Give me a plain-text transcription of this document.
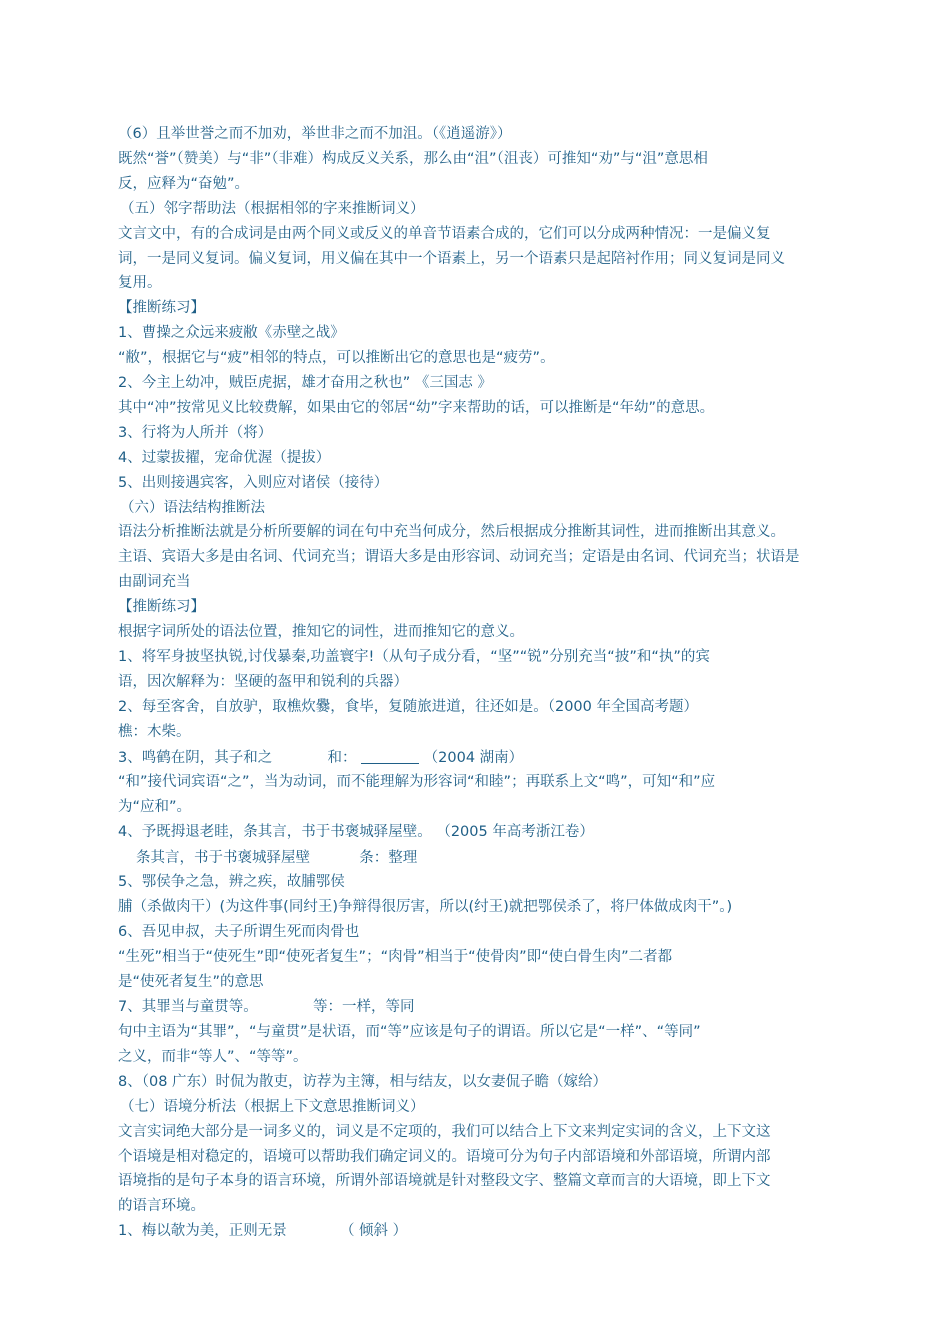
（6）且举世誉之而不加劝，举世非之而不加沮。（《逍遥游》）
既然“誉”（赞美）与“非”（非难）构成反义关系，那么由“沮”（沮丧）可推知“劝”与“沮”意思相
反，应释为“奋勉”。
（五）邻字帮助法（根据相邻的字来推断词义）
文言文中，有的合成词是由两个同义或反义的单音节语素合成的，它们可以分成两种情况：一是偏义复
词，一是同义复词。偏义复词，用义偏在其中一个语素上，另一个语素只是起陪衬作用；同义复词是同义
复用。
【推断练习】
1、曹操之众远来疲敝《赤壁之战》
“敝”，根据它与“疲”相邻的特点，可以推断出它的意思也是“疲劳”。
2、今主上幼冲，贼臣虎据，雄才奋用之秋也” 《三国志 》
其中“冲”按常见义比较费解，如果由它的邻居“幼”字来帮助的话，可以推断是“年幼”的意思。
3、行将为人所并（将）
4、过蒙拔擢，宠命优渥（提拔）
5、出则接遇宾客，入则应对诸侯（接待）
（六）语法结构推断法
语法分析推断法就是分析所要解的词在句中充当何成分，然后根据成分推断其词性，进而推断出其意义。
主语、宾语大多是由名词、代词充当；谓语大多是由形容词、动词充当；定语是由名词、代词充当；状语是
由副词充当
【推断练习】
根据字词所处的语法位置，推知它的词性，进而推知它的意义。
1、将军身披坚执锐,讨伐暴秦,功盖寰宇!（从句子成分看，“坚”“锐”分别充当“披”和“执”的宾
语，因次解释为：坚硬的盔甲和锐利的兵器）
2、每至客舍，自放驴，取樵炊爨，食毕，复随旅进道，往还如是。（2000 年全国高考题）
樵：木柴。
“和”接代词宾语“之”，当为动词，而不能理解为形容词“和睦”；再联系上文“鸣”，可知“和”应
为“应和”。
4、予既拇退老眭，条其言，书于书褒城驿屋壁。 （2005 年高考浙江卷）
5、鄂侯争之急，辨之疾，故脯鄂侯
脯（杀做肉干）(为这件事(同纣王)争辩得很厉害，所以(纣王)就把鄂侯杀了，将尸体做成肉干”。)
6、吾见申叔，夫子所谓生死而肉骨也
“生死”相当于“使死生”即“使死者复生”；“肉骨”相当于“使骨肉”即“使白骨生肉”二者都
是“使死者复生”的意思
句中主语为“其罪”，“与童贯”是状语，而“等”应该是句子的谓语。所以它是“一样”、“等同”
之义，而非“等人”、“等等”。
8、（08 广东）时侃为散吏，访荐为主簿，相与结友，以女妻侃子瞻（嫁给）
（七）语境分析法（根据上下文意思推断词义）
文言实词绝大部分是一词多义的，词义是不定项的，我们可以结合上下文来判定实词的含义，上下文这
个语境是相对稳定的，语境可以帮助我们确定词义的。语境可分为句子内部语境和外部语境，所谓内部
语境指的是句子本身的语言环境，所谓外部语境就是针对整段文字、整篇文章而言的大语境，即上下文
的语言环境。
3、鸣鹤在阴，其子和之	和：	（2004 湖南）
条其言，书于书褒城驿屋壁	条：整理
7、其罪当与童贯等。	等：一样，等同
1、梅以欹为美，正则无景	（ 倾斜 ）
